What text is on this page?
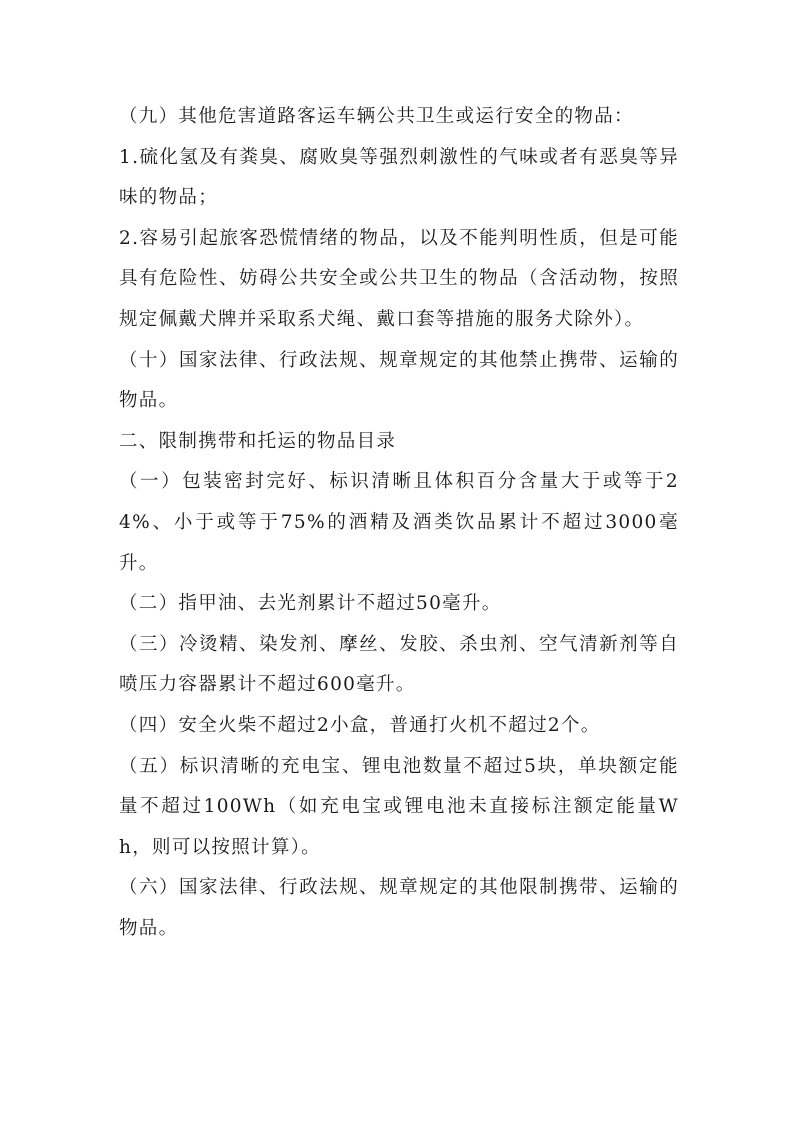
（九）其他危害道路客运车辆公共卫生或运行安全的物品：

1.硫化氢及有粪臭、腐败臭等强烈刺激性的气味或者有恶臭等异味的物品；

2.容易引起旅客恐慌情绪的物品，以及不能判明性质，但是可能具有危险性、妨碍公共安全或公共卫生的物品（含活动物，按照规定佩戴犬牌并采取系犬绳、戴口套等措施的服务犬除外）。

（十）国家法律、行政法规、规章规定的其他禁止携带、运输的物品。

二、限制携带和托运的物品目录

（一）包装密封完好、标识清晰且体积百分含量大于或等于24%、小于或等于75%的酒精及酒类饮品累计不超过3000毫升。

（二）指甲油、去光剂累计不超过50毫升。

（三）冷烫精、染发剂、摩丝、发胶、杀虫剂、空气清新剂等自喷压力容器累计不超过600毫升。

（四）安全火柴不超过2小盒，普通打火机不超过2个。

（五）标识清晰的充电宝、锂电池数量不超过5块，单块额定能量不超过100Wh（如充电宝或锂电池未直接标注额定能量Wh，则可以按照计算）。

（六）国家法律、行政法规、规章规定的其他限制携带、运输的物品。
